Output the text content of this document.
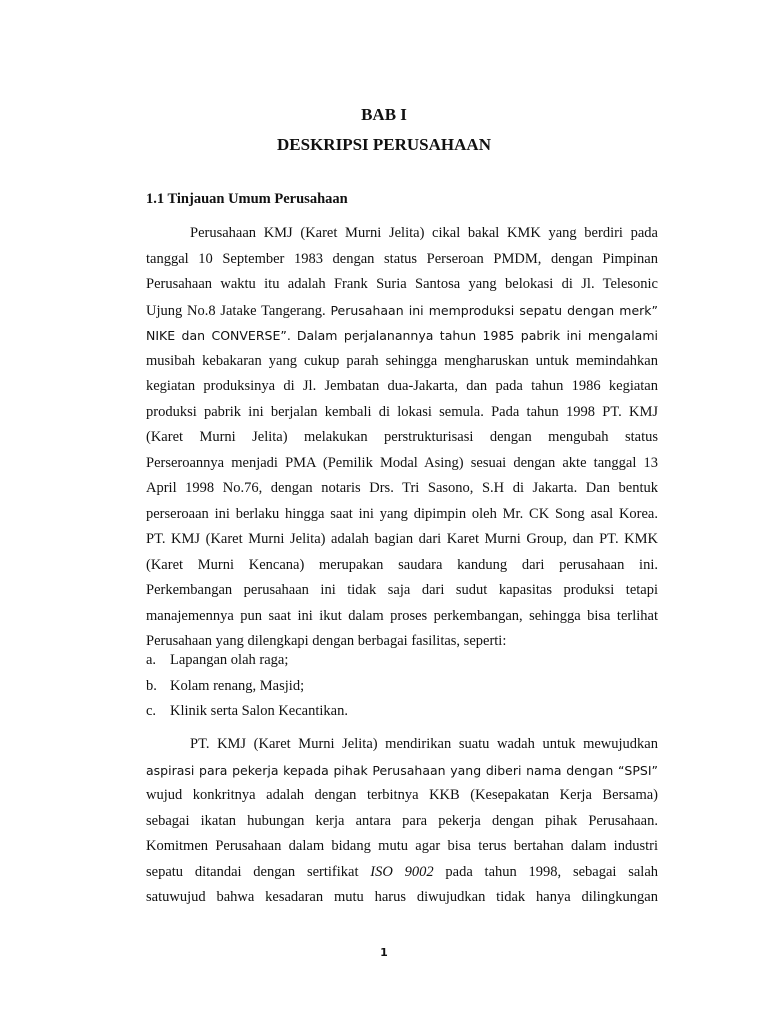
BAB I
DESKRIPSI PERUSAHAAN
1.1 Tinjauan Umum Perusahaan
Perusahaan KMJ (Karet Murni Jelita) cikal bakal KMK yang berdiri pada
tanggal 10 September 1983 dengan status Perseroan PMDM, dengan Pimpinan
Perusahaan waktu itu adalah Frank Suria Santosa yang belokasi di Jl. Telesonic
Ujung No.8 Jatake Tangerang. Perusahaan ini memproduksi sepatu dengan merk”
NIKE dan CONVERSE”. Dalam perjalanannya tahun 1985 pabrik ini mengalami
musibah kebakaran yang cukup parah sehingga mengharuskan untuk memindahkan
kegiatan produksinya di Jl. Jembatan dua-Jakarta, dan pada tahun 1986 kegiatan
produksi pabrik ini berjalan kembali di lokasi semula. Pada tahun 1998 PT. KMJ
(Karet Murni Jelita) melakukan perstrukturisasi dengan mengubah status
Perseroannya menjadi PMA (Pemilik Modal Asing) sesuai dengan akte tanggal 13
April 1998 No.76, dengan notaris Drs. Tri Sasono, S.H di Jakarta. Dan bentuk
perseroaan ini berlaku hingga saat ini yang dipimpin oleh Mr. CK Song asal Korea.
PT. KMJ (Karet Murni Jelita) adalah bagian dari Karet Murni Group, dan PT. KMK
(Karet Murni Kencana) merupakan saudara kandung dari perusahaan ini.
Perkembangan perusahaan ini tidak saja dari sudut kapasitas produksi tetapi
manajemennya pun saat ini ikut dalam proses perkembangan, sehingga bisa terlihat
Perusahaan yang dilengkapi dengan berbagai fasilitas, seperti:
a. Lapangan olah raga;
b. Kolam renang, Masjid;
c. Klinik serta Salon Kecantikan.
PT. KMJ (Karet Murni Jelita) mendirikan suatu wadah untuk mewujudkan
aspirasi para pekerja kepada pihak Perusahaan yang diberi nama dengan “SPSI”
wujud konkritnya adalah dengan terbitnya KKB (Kesepakatan Kerja Bersama)
sebagai ikatan hubungan kerja antara para pekerja dengan pihak Perusahaan.
Komitmen Perusahaan dalam bidang mutu agar bisa terus bertahan dalam industri
sepatu ditandai dengan sertifikat ISO 9002 pada tahun 1998, sebagai salah
satuwujud bahwa kesadaran mutu harus diwujudkan tidak hanya dilingkungan
1
